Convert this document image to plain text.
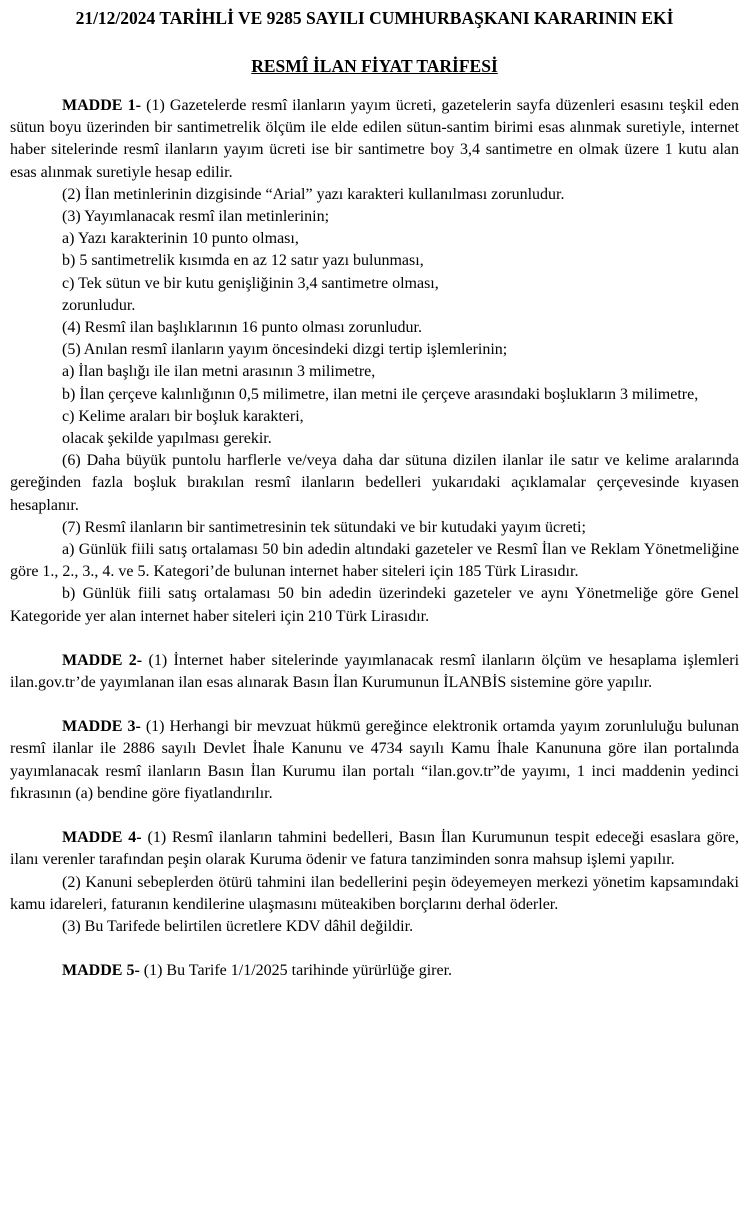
21/12/2024 TARİHLİ VE 9285 SAYILI CUMHURBAŞKANI KARARININ EKİ

RESMÎ İLAN FİYAT TARİFESİ

MADDE 1- (1) Gazetelerde resmî ilanların yayım ücreti, gazetelerin sayfa düzenleri esasını teşkil eden sütun boyu üzerinden bir santimetrelik ölçüm ile elde edilen sütun-santim birimi esas alınmak suretiyle, internet haber sitelerinde resmî ilanların yayım ücreti ise bir santimetre boy 3,4 santimetre en olmak üzere 1 kutu alan esas alınmak suretiyle hesap edilir.

(2) İlan metinlerinin dizgisinde “Arial” yazı karakteri kullanılması zorunludur.

(3) Yayımlanacak resmî ilan metinlerinin;

a) Yazı karakterinin 10 punto olması,

b) 5 santimetrelik kısımda en az 12 satır yazı bulunması,

c) Tek sütun ve bir kutu genişliğinin 3,4 santimetre olması,

zorunludur.

(4) Resmî ilan başlıklarının 16 punto olması zorunludur.

(5) Anılan resmî ilanların yayım öncesindeki dizgi tertip işlemlerinin;

a) İlan başlığı ile ilan metni arasının 3 milimetre,

b) İlan çerçeve kalınlığının 0,5 milimetre, ilan metni ile çerçeve arasındaki boşlukların 3 milimetre,

c) Kelime araları bir boşluk karakteri,

olacak şekilde yapılması gerekir.

(6) Daha büyük puntolu harflerle ve/veya daha dar sütuna dizilen ilanlar ile satır ve kelime aralarında gereğinden fazla boşluk bırakılan resmî ilanların bedelleri yukarıdaki açıklamalar çerçevesinde kıyasen hesaplanır.

(7) Resmî ilanların bir santimetresinin tek sütundaki ve bir kutudaki yayım ücreti;

a) Günlük fiili satış ortalaması 50 bin adedin altındaki gazeteler ve Resmî İlan ve Reklam Yönetmeliğine göre 1., 2., 3., 4. ve 5. Kategori’de bulunan internet haber siteleri için 185 Türk Lirasıdır.

b) Günlük fiili satış ortalaması 50 bin adedin üzerindeki gazeteler ve aynı Yönetmeliğe göre Genel Kategoride yer alan internet haber siteleri için 210 Türk Lirasıdır.

MADDE 2- (1) İnternet haber sitelerinde yayımlanacak resmî ilanların ölçüm ve hesaplama işlemleri ilan.gov.tr’de yayımlanan ilan esas alınarak Basın İlan Kurumunun İLANBİS sistemine göre yapılır.

MADDE 3- (1) Herhangi bir mevzuat hükmü gereğince elektronik ortamda yayım zorunluluğu bulunan resmî ilanlar ile 2886 sayılı Devlet İhale Kanunu ve 4734 sayılı Kamu İhale Kanununa göre ilan portalında yayımlanacak resmî ilanların Basın İlan Kurumu ilan portalı “ilan.gov.tr”de yayımı, 1 inci maddenin yedinci fıkrasının (a) bendine göre fiyatlandırılır.

MADDE 4- (1) Resmî ilanların tahmini bedelleri, Basın İlan Kurumunun tespit edeceği esaslara göre, ilanı verenler tarafından peşin olarak Kuruma ödenir ve fatura tanziminden sonra mahsup işlemi yapılır.

(2) Kanuni sebeplerden ötürü tahmini ilan bedellerini peşin ödeyemeyen merkezi yönetim kapsamındaki kamu idareleri, faturanın kendilerine ulaşmasını müteakiben borçlarını derhal öderler.

(3) Bu Tarifede belirtilen ücretlere KDV dâhil değildir.

MADDE 5- (1) Bu Tarife 1/1/2025 tarihinde yürürlüğe girer.
